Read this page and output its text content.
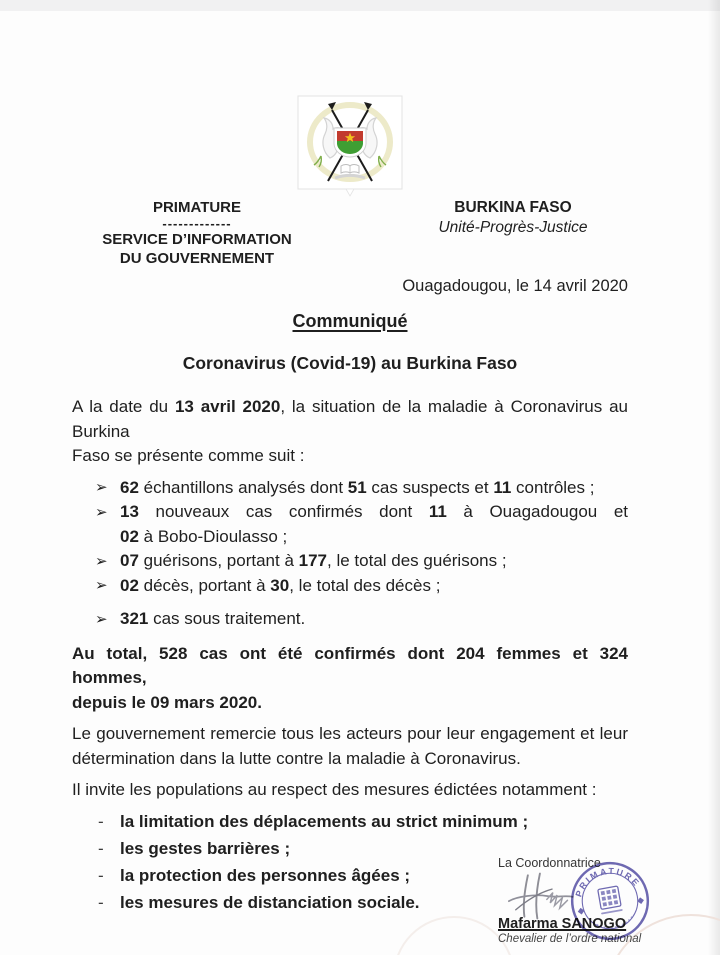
PRIMATURE
-------------
SERVICE D’INFORMATION
DU GOUVERNEMENT
BURKINA FASO
Unité-Progrès-Justice
Ouagadougou, le 14 avril 2020
Communiqué
Coronavirus (Covid-19) au Burkina Faso
A la date du 13 avril 2020, la situation de la maladie à Coronavirus au Burkina
Faso se présente comme suit :
➢ 62 échantillons analysés dont 51 cas suspects et 11 contrôles ;
➢ 13 nouveaux cas confirmés dont 11 à Ouagadougou et
02 à Bobo-Dioulasso ;
➢ 07 guérisons, portant à 177, le total des guérisons ;
➢ 02 décès, portant à 30, le total des décès ;
➢ 321 cas sous traitement.
Au total, 528 cas ont été confirmés dont 204 femmes et 324 hommes,
depuis le 09 mars 2020.
Le gouvernement remercie tous les acteurs pour leur engagement et leur
détermination dans la lutte contre la maladie à Coronavirus.
Il invite les populations au respect des mesures édictées notamment :
- la limitation des déplacements au strict minimum ;
- les gestes barrières ;
- la protection des personnes âgées ;
- les mesures de distanciation sociale.
La Coordonnatrice
Mafarma SANOGO
Chevalier de l’ordre national
PRIMATURE
